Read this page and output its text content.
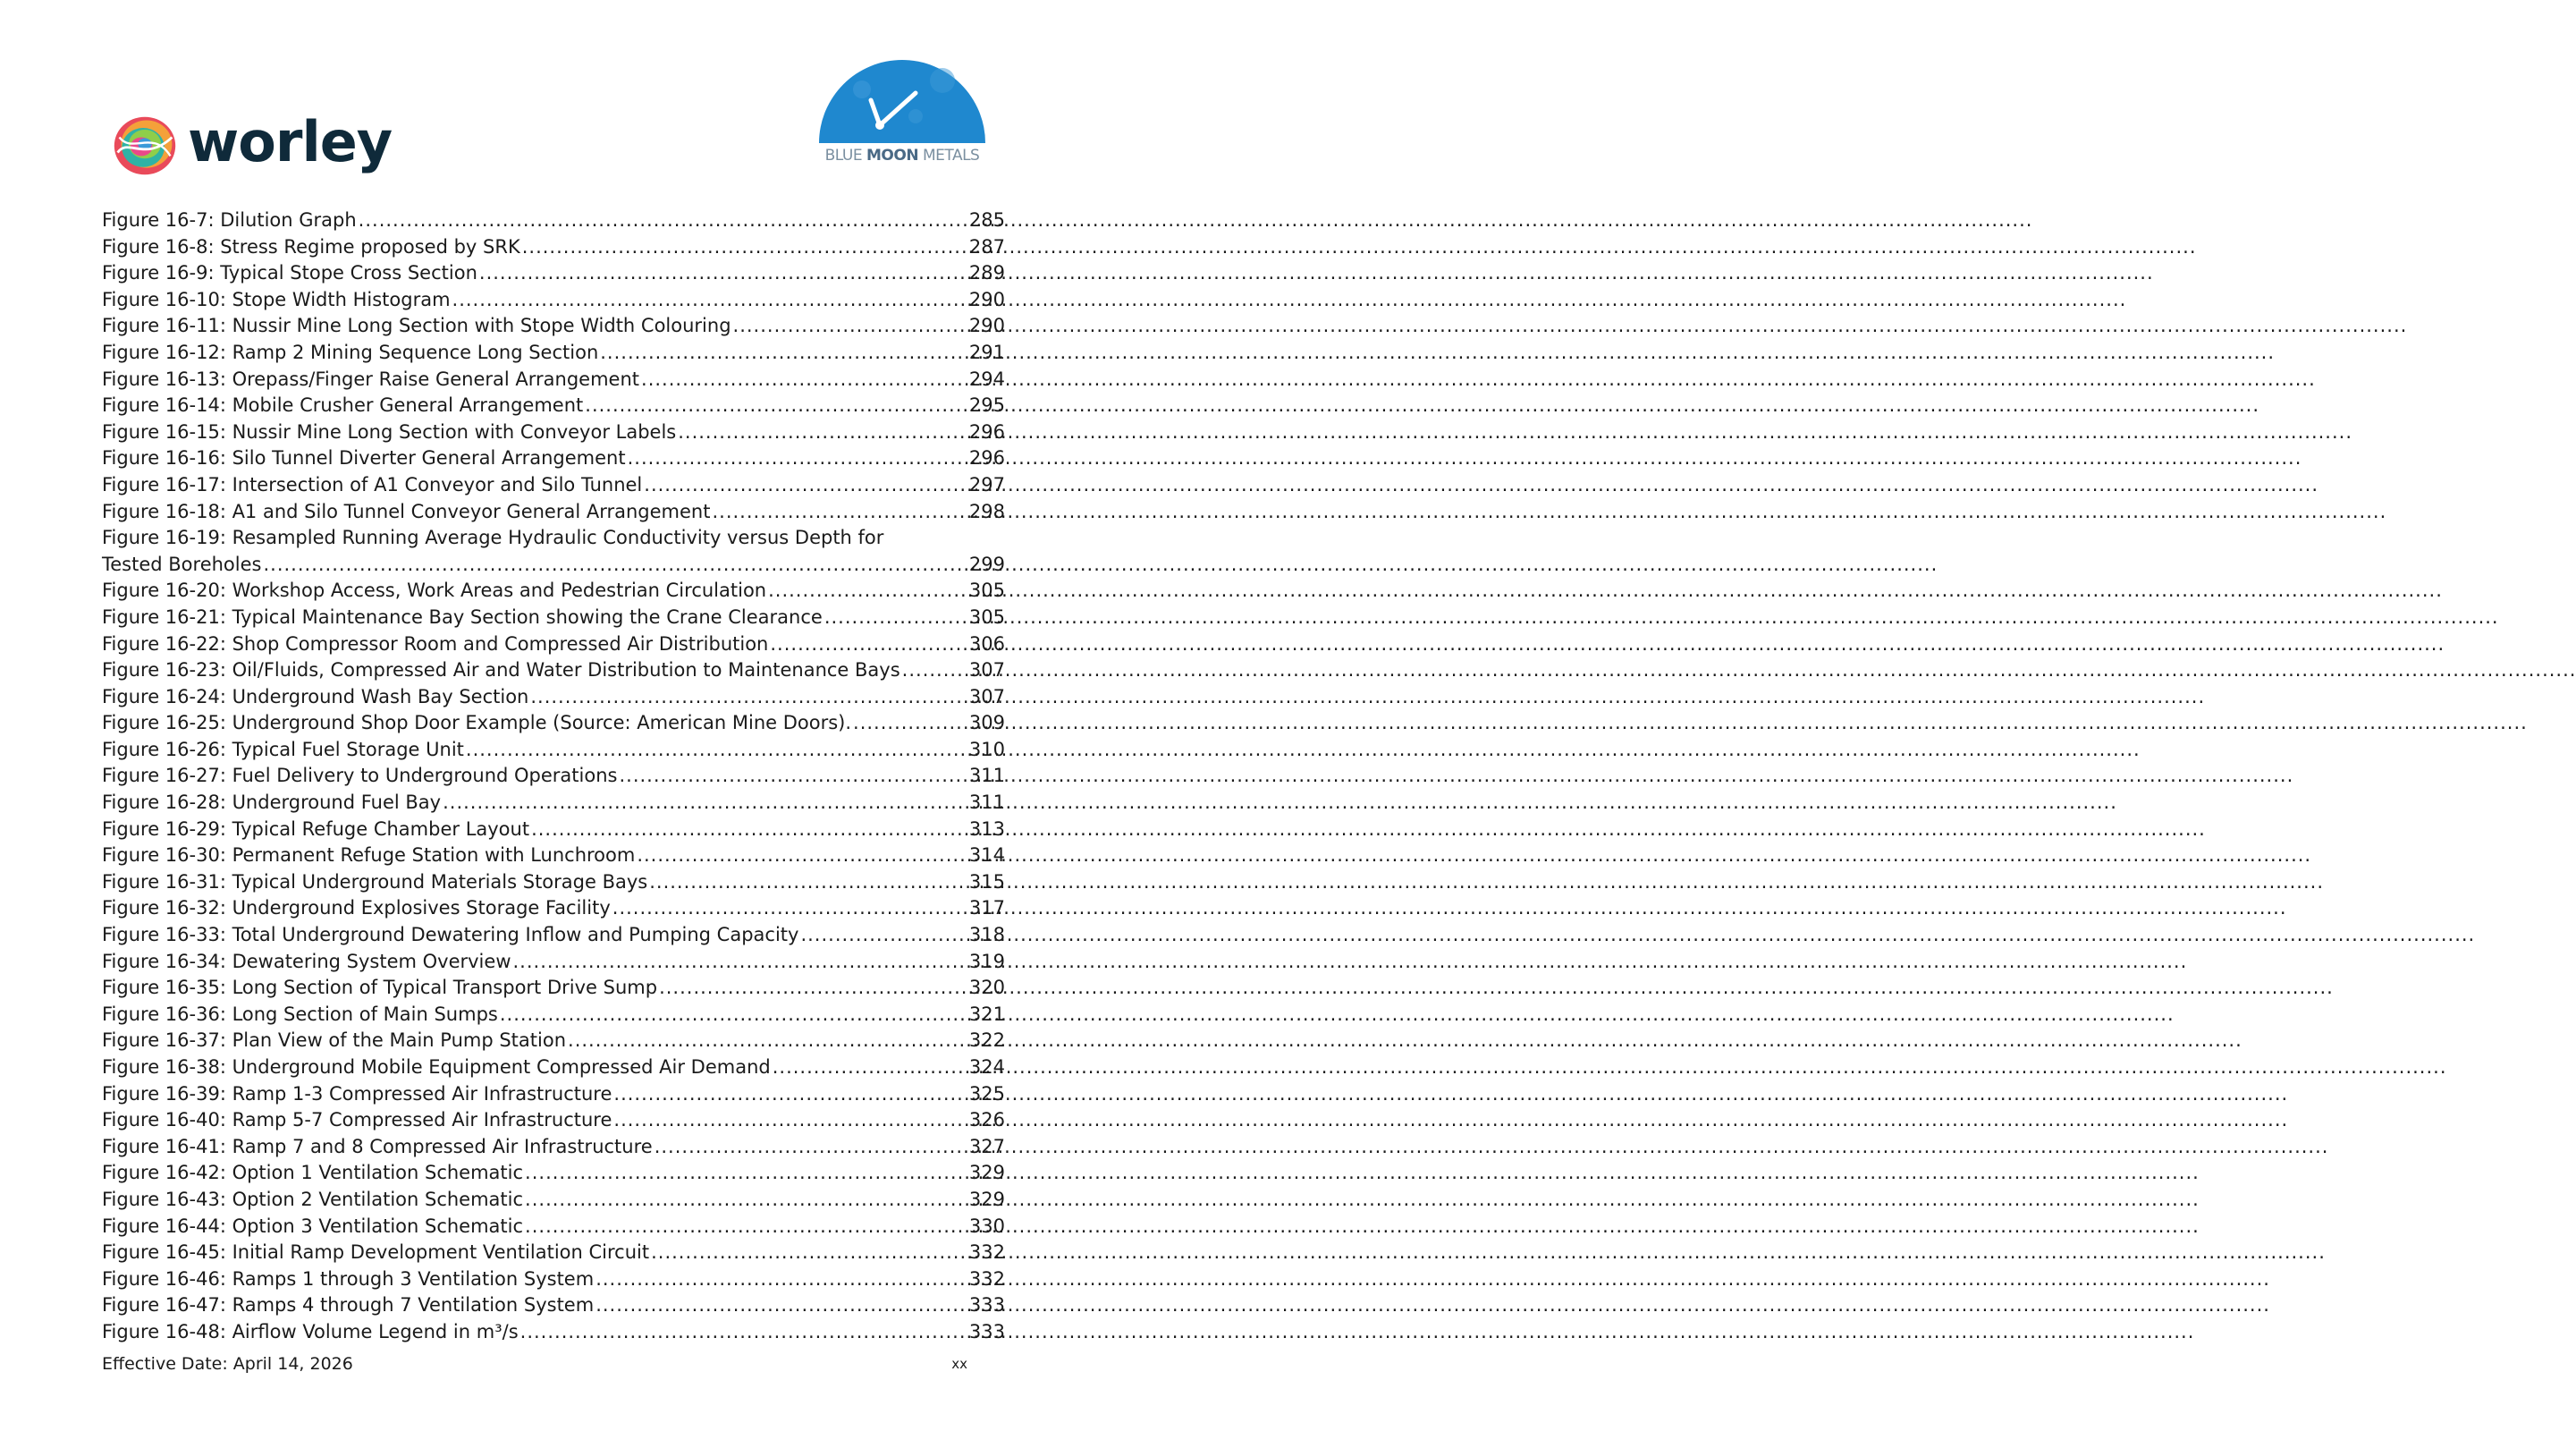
worley	BLUE MOON METALS
Figure 16-7: Dilution Graph .....	285
Figure 16-8: Stress Regime proposed by SRK .....	287
Figure 16-9: Typical Stope Cross Section .....	289
Figure 16-10: Stope Width Histogram .....	290
Figure 16-11: Nussir Mine Long Section with Stope Width Colouring .....	290
Figure 16-12: Ramp 2 Mining Sequence Long Section .....	291
Figure 16-13: Orepass/Finger Raise General Arrangement .....	294
Figure 16-14: Mobile Crusher General Arrangement .....	295
Figure 16-15: Nussir Mine Long Section with Conveyor Labels .....	296
Figure 16-16: Silo Tunnel Diverter General Arrangement .....	296
Figure 16-17: Intersection of A1 Conveyor and Silo Tunnel .....	297
Figure 16-18: A1 and Silo Tunnel Conveyor General Arrangement .....	298
Figure 16-19: Resampled Running Average Hydraulic Conductivity versus Depth for
Tested Boreholes .....	299
Figure 16-20: Workshop Access, Work Areas and Pedestrian Circulation .....	305
Figure 16-21: Typical Maintenance Bay Section showing the Crane Clearance .....	305
Figure 16-22: Shop Compressor Room and Compressed Air Distribution .....	306
Figure 16-23: Oil/Fluids, Compressed Air and Water Distribution to Maintenance Bays .....	307
Figure 16-24: Underground Wash Bay Section .....	307
Figure 16-25: Underground Shop Door Example (Source: American Mine Doors). .....	309
Figure 16-26: Typical Fuel Storage Unit .....	310
Figure 16-27: Fuel Delivery to Underground Operations .....	311
Figure 16-28: Underground Fuel Bay .....	311
Figure 16-29: Typical Refuge Chamber Layout .....	313
Figure 16-30: Permanent Refuge Station with Lunchroom .....	314
Figure 16-31: Typical Underground Materials Storage Bays .....	315
Figure 16-32: Underground Explosives Storage Facility .....	317
Figure 16-33: Total Underground Dewatering Inflow and Pumping Capacity .....	318
Figure 16-34: Dewatering System Overview .....	319
Figure 16-35: Long Section of Typical Transport Drive Sump .....	320
Figure 16-36: Long Section of Main Sumps .....	321
Figure 16-37: Plan View of the Main Pump Station .....	322
Figure 16-38: Underground Mobile Equipment Compressed Air Demand .....	324
Figure 16-39: Ramp 1-3 Compressed Air Infrastructure .....	325
Figure 16-40: Ramp 5-7 Compressed Air Infrastructure .....	326
Figure 16-41: Ramp 7 and 8 Compressed Air Infrastructure .....	327
Figure 16-42: Option 1 Ventilation Schematic .....	329
Figure 16-43: Option 2 Ventilation Schematic .....	329
Figure 16-44: Option 3 Ventilation Schematic .....	330
Figure 16-45: Initial Ramp Development Ventilation Circuit .....	332
Figure 16-46: Ramps 1 through 3 Ventilation System .....	332
Figure 16-47: Ramps 4 through 7 Ventilation System .....	333
Figure 16-48: Airflow Volume Legend in m³/s .....	333
Effective Date: April 14, 2026	xx
